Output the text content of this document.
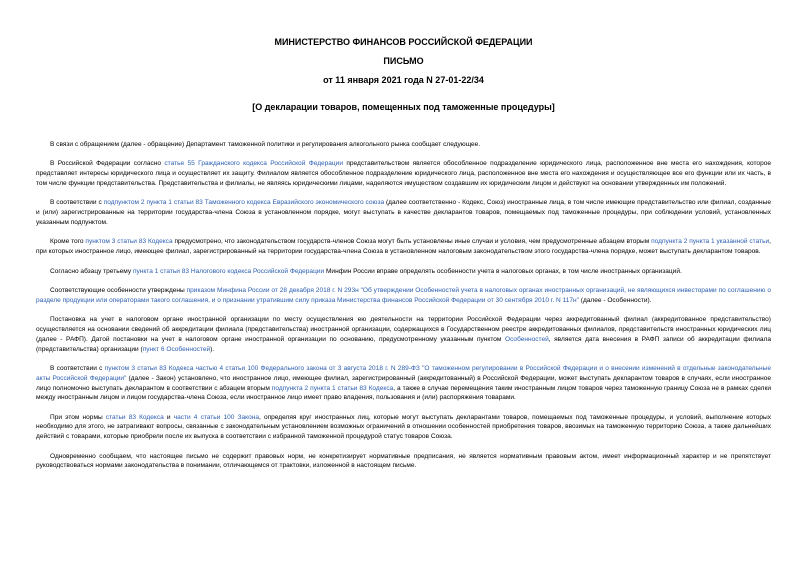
МИНИСТЕРСТВО ФИНАНСОВ РОССИЙСКОЙ ФЕДЕРАЦИИ
ПИСЬМО
от 11 января 2021 года N 27-01-22/34
[О декларации товаров, помещенных под таможенные процедуры]

В связи с обращением (далее - обращение) Департамент таможенной политики и регулирования алкогольного рынка сообщает следующее.

В Российской Федерации согласно статье 55 Гражданского кодекса Российской Федерации представительством является обособленное подразделение юридического лица, расположенное вне места его нахождения, которое представляет интересы юридического лица и осуществляет их защиту. Филиалом является обособленное подразделение юридического лица, расположенное вне места его нахождения и осуществляющее все его функции или их часть, в том числе функции представительства. Представительства и филиалы, не являясь юридическими лицами, наделяются имуществом создавшим их юридическим лицом и действуют на основании утвержденных им положений.

В соответствии с подпунктом 2 пункта 1 статьи 83 Таможенного кодекса Евразийского экономического союза (далее соответственно - Кодекс, Союз) иностранные лица, в том числе имеющие представительство или филиал, созданные и (или) зарегистрированные на территории государства-члена Союза в установленном порядке, могут выступать в качестве декларантов товаров, помещаемых под таможенные процедуры, при соблюдении условий, установленных указанным подпунктом.

Кроме того пунктом 3 статьи 83 Кодекса предусмотрено, что законодательством государств-членов Союза могут быть установлены иные случаи и условия, чем предусмотренные абзацем вторым подпункта 2 пункта 1 указанной статьи, при которых иностранное лицо, имеющее филиал, зарегистрированный на территории государства-члена Союза в установленном налоговым законодательством этого государства-члена порядке, может выступать декларантом товаров.

Согласно абзацу третьему пункта 1 статьи 83 Налогового кодекса Российской Федерации Минфин России вправе определять особенности учета в налоговых органах, в том числе иностранных организаций.

Соответствующие особенности утверждены приказом Минфина России от 28 декабря 2018 г. N 293н "Об утверждении Особенностей учета в налоговых органах иностранных организаций, не являющихся инвесторами по соглашению о разделе продукции или операторами такого соглашения, и о признании утратившим силу приказа Министерства финансов Российской Федерации от 30 сентября 2010 г. N 117н" (далее - Особенности).

Постановка на учет в налоговом органе иностранной организации по месту осуществления ею деятельности на территории Российской Федерации через аккредитованный филиал (аккредитованное представительство) осуществляется на основании сведений об аккредитации филиала (представительства) иностранной организации, содержащихся в Государственном реестре аккредитованных филиалов, представительств иностранных юридических лиц (далее - РАФП). Датой постановки на учет в налоговом органе иностранной организации по основанию, предусмотренному указанным пунктом Особенностей, является дата внесения в РАФП записи об аккредитации филиала (представительства) организации (пункт 6 Особенностей).

В соответствии с пунктом 3 статьи 83 Кодекса частью 4 статьи 100 Федерального закона от 3 августа 2018 г. N 289-ФЗ "О таможенном регулировании в Российской Федерации и о внесении изменений в отдельные законодательные акты Российской Федерации" (далее - Закон) установлено, что иностранное лицо, имеющее филиал, зарегистрированный (аккредитованный) в Российской Федерации, может выступать декларантом товаров в случаях, если иностранное лицо полномочно выступать декларантом в соответствии с абзацем вторым подпункта 2 пункта 1 статьи 83 Кодекса, а также в случае перемещения таким иностранным лицом товаров через таможенную границу Союза не в рамках сделки между иностранным лицом и лицом государства-члена Союза, если иностранное лицо имеет право владения, пользования и (или) распоряжения товарами.

При этом нормы статьи 83 Кодекса и части 4 статьи 100 Закона, определяя круг иностранных лиц, которые могут выступать декларантами товаров, помещаемых под таможенные процедуры, и условий, выполнение которых необходимо для этого, не затрагивают вопросы, связанные с законодательным установлением возможных ограничений в отношении особенностей приобретения товаров, ввозимых на таможенную территорию Союза, а также дальнейших действий с товарами, которые приобрели после их выпуска в соответствии с избранной таможенной процедурой статус товаров Союза.

Одновременно сообщаем, что настоящее письмо не содержит правовых норм, не конкретизирует нормативные предписания, не является нормативным правовым актом, имеет информационный характер и не препятствует руководствоваться нормами законодательства в понимании, отличающемся от трактовки, изложенной в настоящем письме.
